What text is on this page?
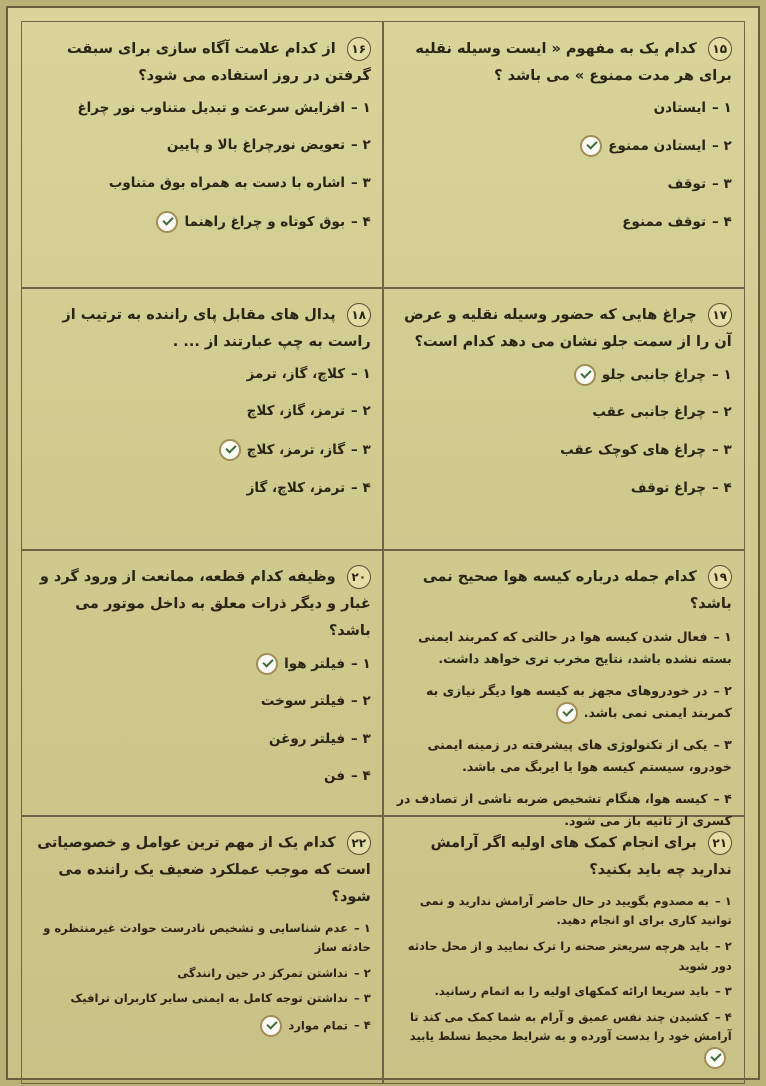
۱۶ از کدام علامت آگاه سازی برای سبقت گرفتن در روز استفاده می شود؟
۱ –افزایش سرعت و تبدیل متناوب نور چراغ
۲ –تعویض نورچراغ بالا و پایین
۳ –اشاره با دست به همراه بوق متناوب
۴ –بوق کوتاه و چراغ راهنما
۱۵ کدام یک به مفهوم « ایست وسیله نقلیه برای هر مدت ممنوع » می باشد ؟
۱ –ایستادن
۲ –ایستادن ممنوع
۳ –توقف
۴ –توقف ممنوع
۱۸ پدال های مقابل پای راننده به ترتیب از راست به چپ عبارتند از ... .
۱ –کلاچ، گاز، ترمز
۲ –ترمز، گاز، کلاچ
۳ –گاز، ترمز، کلاچ
۴ –ترمز، کلاچ، گاز
۱۷ چراغ هایی که حضور وسیله نقلیه و عرض آن را از سمت جلو نشان می دهد کدام است؟
۱ –چراغ جانبی جلو
۲ –چراغ جانبی عقب
۳ –چراغ های کوچک عقب
۴ –چراغ توقف
۲۰ وظیفه کدام قطعه، ممانعت از ورود گرد و غبار و دیگر ذرات معلق به داخل موتور می باشد؟
۱ –فیلتر هوا
۲ –فیلتر سوخت
۳ –فیلتر روغن
۴ –فن
۱۹ کدام جمله درباره کیسه هوا صحیح نمی باشد؟
۱ –فعال شدن کیسه هوا در حالتی که کمربند ایمنی بسته نشده باشد، نتایج مخرب تری خواهد داشت.
۲ –در خودروهای مجهز به کیسه هوا دیگر نیازی به کمربند ایمنی نمی باشد.
۳ –یکی از تکنولوژی های پیشرفته در زمینه ایمنی خودرو، سیستم کیسه هوا یا ایربگ می باشد.
۴ –کیسه هوا، هنگام تشخیص ضربه ناشی از تصادف در کسری از ثانیه باز می شود.
۲۲ کدام یک از مهم ترین عوامل و خصوصیاتی است که موجب عملکرد ضعیف یک راننده می شود؟
۱ –عدم شناسایی و تشخیص نادرست حوادث غیرمنتظره و حادثه ساز
۲ –نداشتن تمرکز در حین رانندگی
۳ –نداشتن توجه کامل به ایمنی سایر کاربران ترافیک
۴ –تمام موارد
۲۱ برای انجام کمک های اولیه اگر آرامش ندارید چه باید بکنید؟
۱ –به مصدوم بگویید در حال حاضر آرامش ندارید و نمی توانید کاری برای او انجام دهید.
۲ –باید هرچه سریعتر صحنه را ترک نمایید و از محل حادثه دور شوید
۳ –باید سریعا ارائه کمکهای اولیه را به اتمام رسانید.
۴ –کشیدن چند نفس عمیق و آرام به شما کمک می کند تا آرامش خود را بدست آورده و به شرایط محیط تسلط یابید
